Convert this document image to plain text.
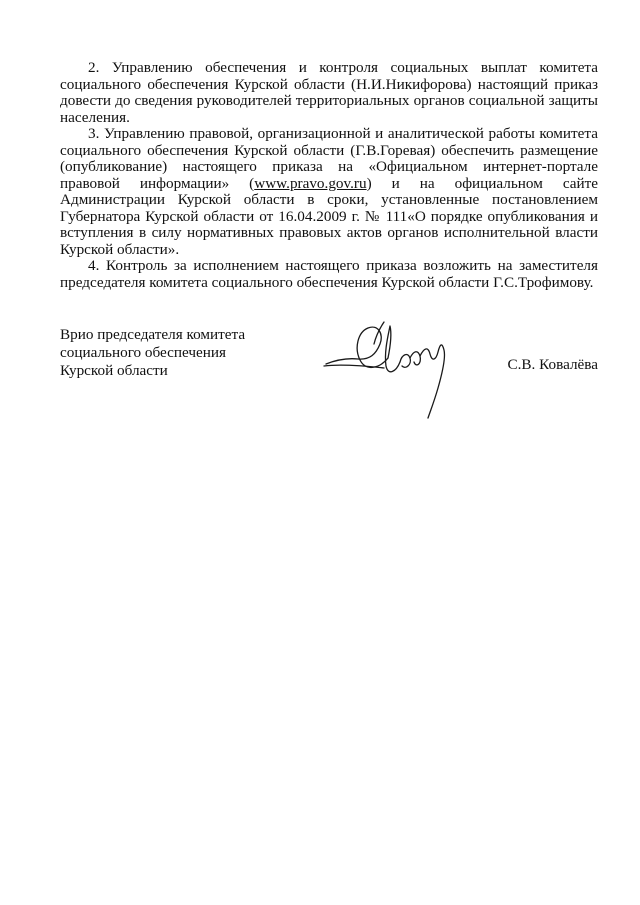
2. Управлению обеспечения и контроля социальных выплат комитета социального обеспечения Курской области (Н.И.Никифорова) настоящий приказ довести до сведения руководителей территориальных органов социальной защиты населения.

3. Управлению правовой, организационной и аналитической работы комитета социального обеспечения Курской области (Г.В.Горевая) обеспечить размещение (опубликование) настоящего приказа на «Официальном интернет-портале правовой информации» (www.pravo.gov.ru) и на официальном сайте Администрации Курской области в сроки, установленные постановлением Губернатора Курской области от 16.04.2009 г. № 111«О порядке опубликования и вступления в силу нормативных правовых актов органов исполнительной власти Курской области».

4. Контроль за исполнением настоящего приказа возложить на заместителя председателя комитета социального обеспечения Курской области Г.С.Трофимову.

Врио председателя комитета
социального обеспечения
Курской области	С.В. Ковалёва
